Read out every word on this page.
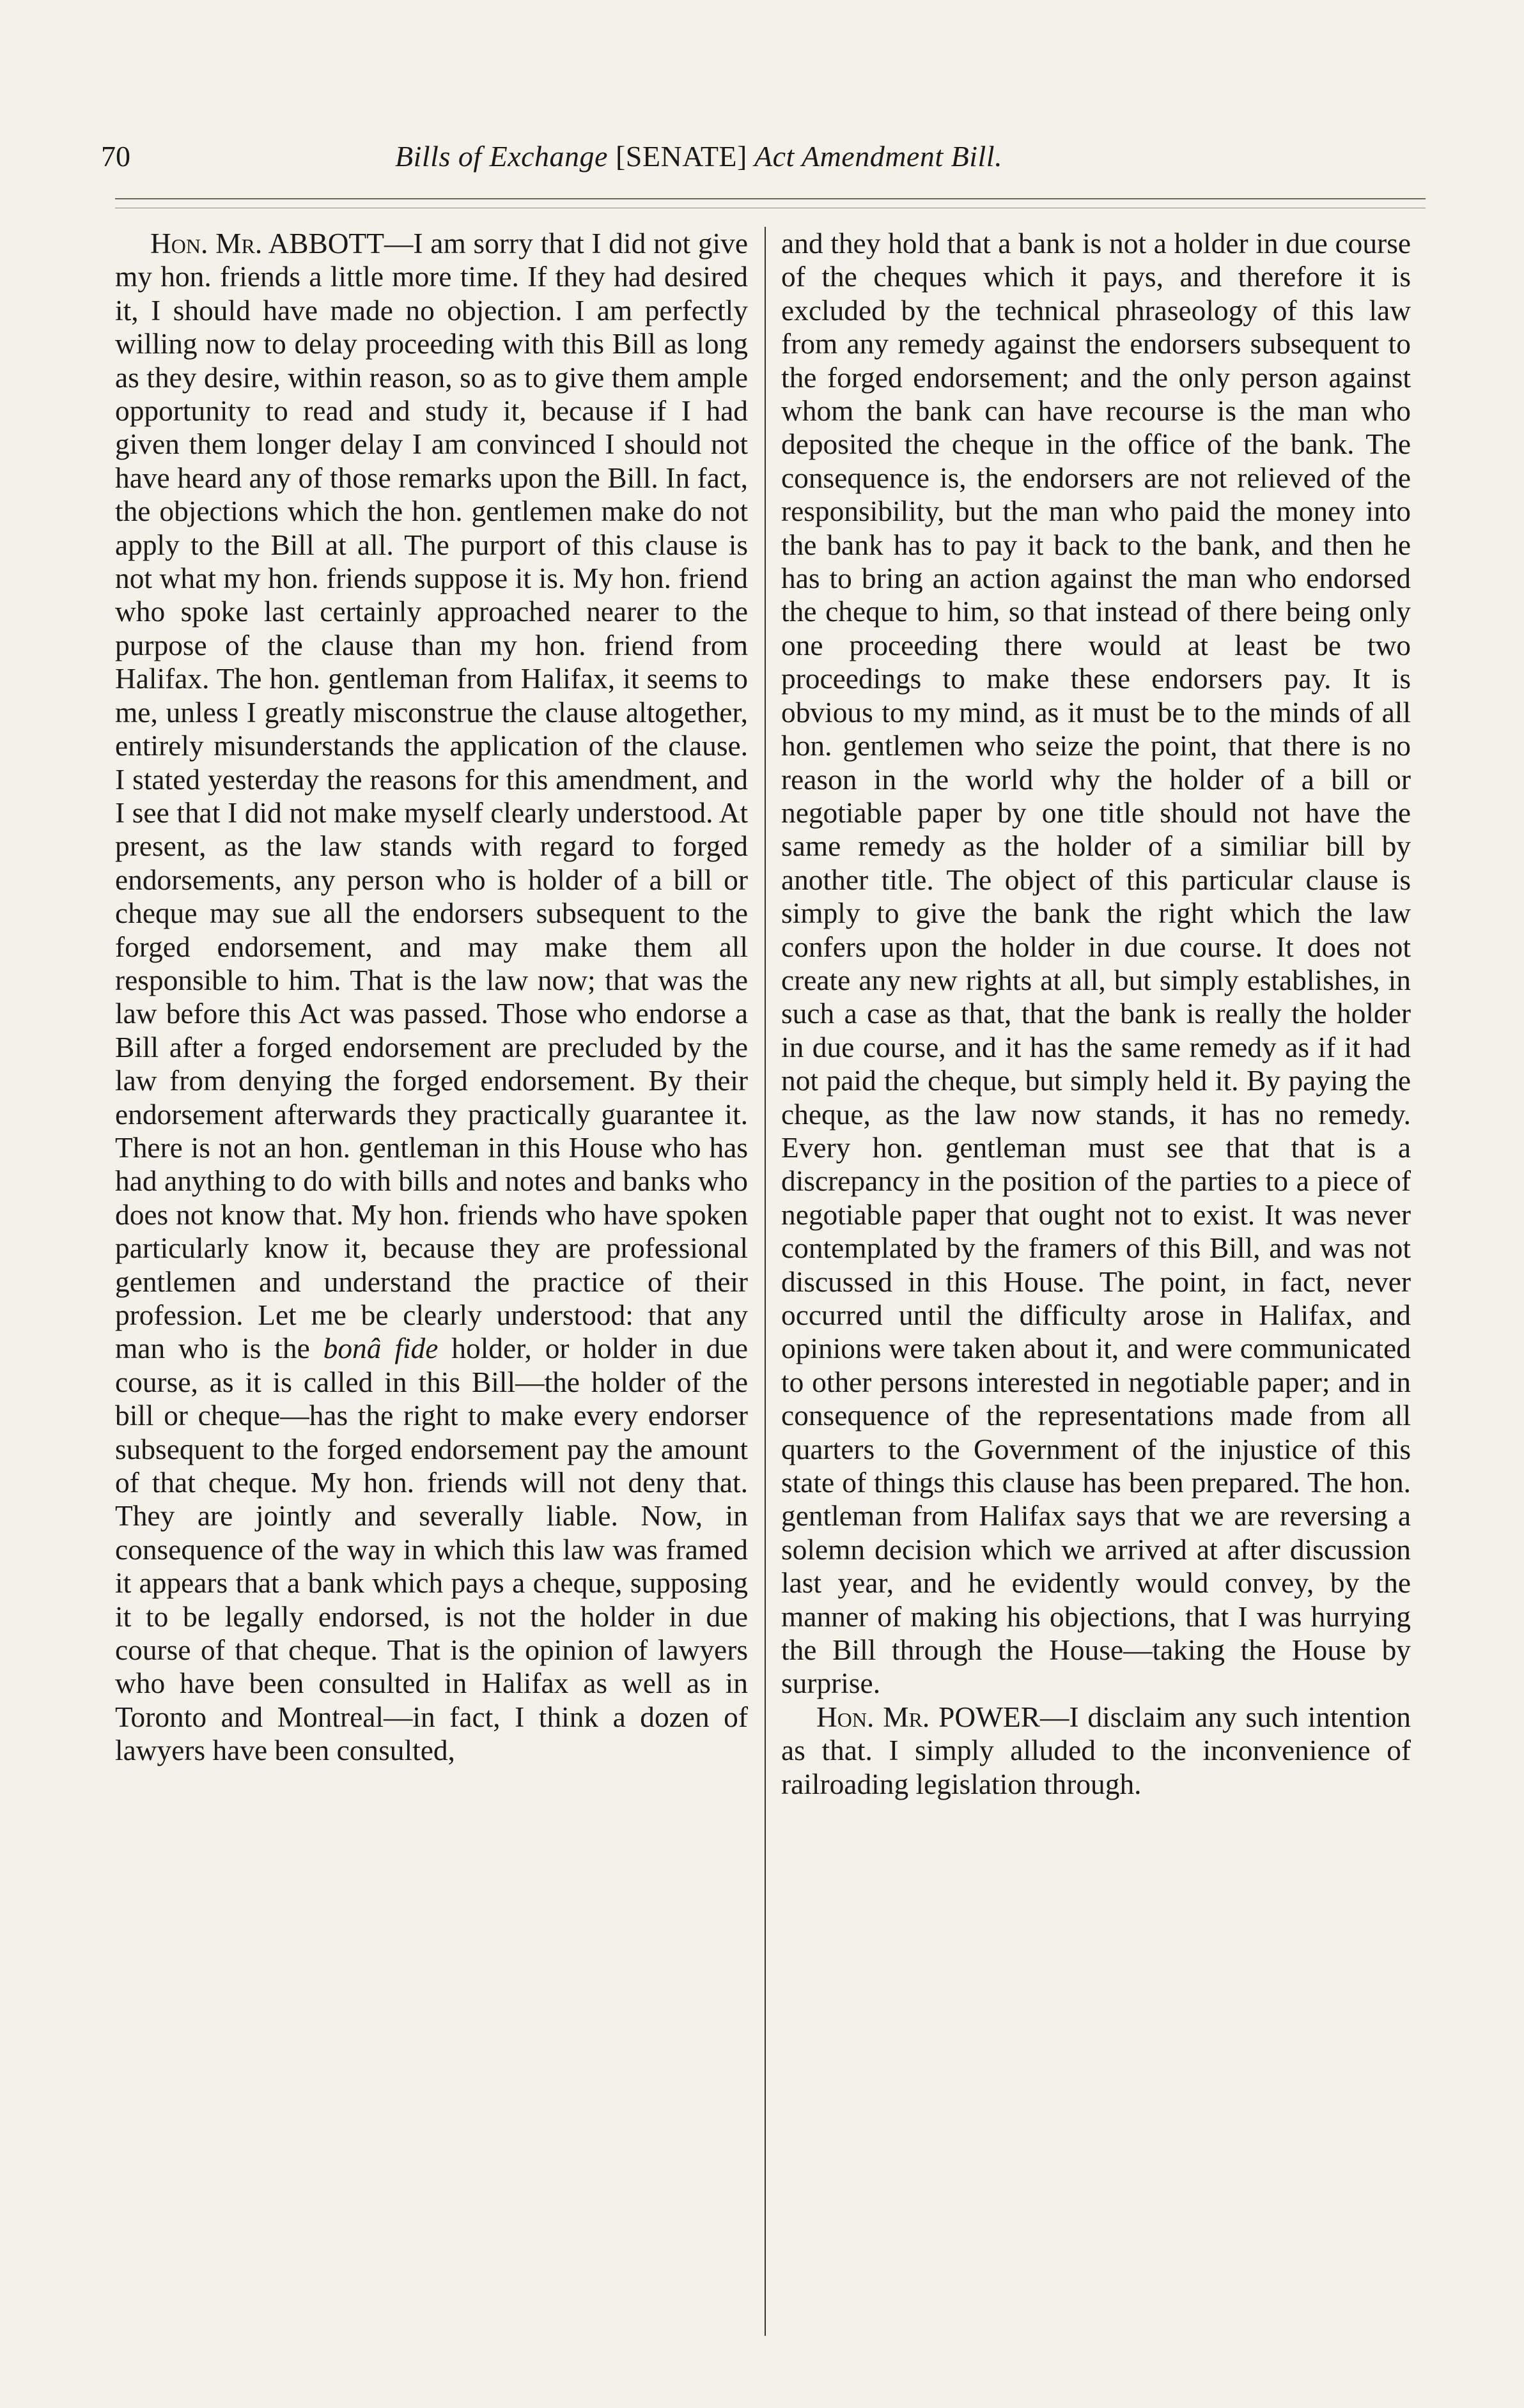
70	Bills of Exchange [SENATE] Act Amendment Bill.

Hon. Mr. ABBOTT—I am sorry that I did not give my hon. friends a little more time. If they had desired it, I should have made no objection. I am perfectly willing now to delay proceeding with this Bill as long as they desire, within reason, so as to give them ample opportunity to read and study it, because if I had given them longer delay I am convinced I should not have heard any of those remarks upon the Bill. In fact, the objections which the hon. gentlemen make do not apply to the Bill at all. The purport of this clause is not what my hon. friends suppose it is. My hon. friend who spoke last certainly approached nearer to the purpose of the clause than my hon. friend from Halifax. The hon. gentleman from Halifax, it seems to me, unless I greatly misconstrue the clause altogether, entirely misunderstands the application of the clause. I stated yesterday the reasons for this amendment, and I see that I did not make myself clearly understood. At present, as the law stands with regard to forged endorsements, any person who is holder of a bill or cheque may sue all the endorsers subsequent to the forged endorsement, and may make them all responsible to him. That is the law now; that was the law before this Act was passed. Those who endorse a Bill after a forged endorsement are precluded by the law from denying the forged endorsement. By their endorsement afterwards they practically guarantee it. There is not an hon. gentleman in this House who has had anything to do with bills and notes and banks who does not know that. My hon. friends who have spoken particularly know it, because they are professional gentlemen and understand the practice of their profession. Let me be clearly understood: that any man who is the bonâ fide holder, or holder in due course, as it is called in this Bill—the holder of the bill or cheque—has the right to make every endorser subsequent to the forged endorsement pay the amount of that cheque. My hon. friends will not deny that. They are jointly and severally liable. Now, in consequence of the way in which this law was framed it appears that a bank which pays a cheque, supposing it to be legally endorsed, is not the holder in due course of that cheque. That is the opinion of lawyers who have been consulted in Halifax as well as in Toronto and Montreal—in fact, I think a dozen of lawyers have been consulted,

and they hold that a bank is not a holder in due course of the cheques which it pays, and therefore it is excluded by the technical phraseology of this law from any remedy against the endorsers subsequent to the forged endorsement; and the only person against whom the bank can have recourse is the man who deposited the cheque in the office of the bank. The consequence is, the endorsers are not relieved of the responsibility, but the man who paid the money into the bank has to pay it back to the bank, and then he has to bring an action against the man who endorsed the cheque to him, so that instead of there being only one proceeding there would at least be two proceedings to make these endorsers pay. It is obvious to my mind, as it must be to the minds of all hon. gentlemen who seize the point, that there is no reason in the world why the holder of a bill or negotiable paper by one title should not have the same remedy as the holder of a similiar bill by another title. The object of this particular clause is simply to give the bank the right which the law confers upon the holder in due course. It does not create any new rights at all, but simply establishes, in such a case as that, that the bank is really the holder in due course, and it has the same remedy as if it had not paid the cheque, but simply held it. By paying the cheque, as the law now stands, it has no remedy. Every hon. gentleman must see that that is a discrepancy in the position of the parties to a piece of negotiable paper that ought not to exist. It was never contemplated by the framers of this Bill, and was not discussed in this House. The point, in fact, never occurred until the difficulty arose in Halifax, and opinions were taken about it, and were communicated to other persons interested in negotiable paper; and in consequence of the representations made from all quarters to the Government of the injustice of this state of things this clause has been prepared. The hon. gentleman from Halifax says that we are reversing a solemn decision which we arrived at after discussion last year, and he evidently would convey, by the manner of making his objections, that I was hurrying the Bill through the House—taking the House by surprise.

Hon. Mr. POWER—I disclaim any such intention as that. I simply alluded to the inconvenience of railroading legislation through.
